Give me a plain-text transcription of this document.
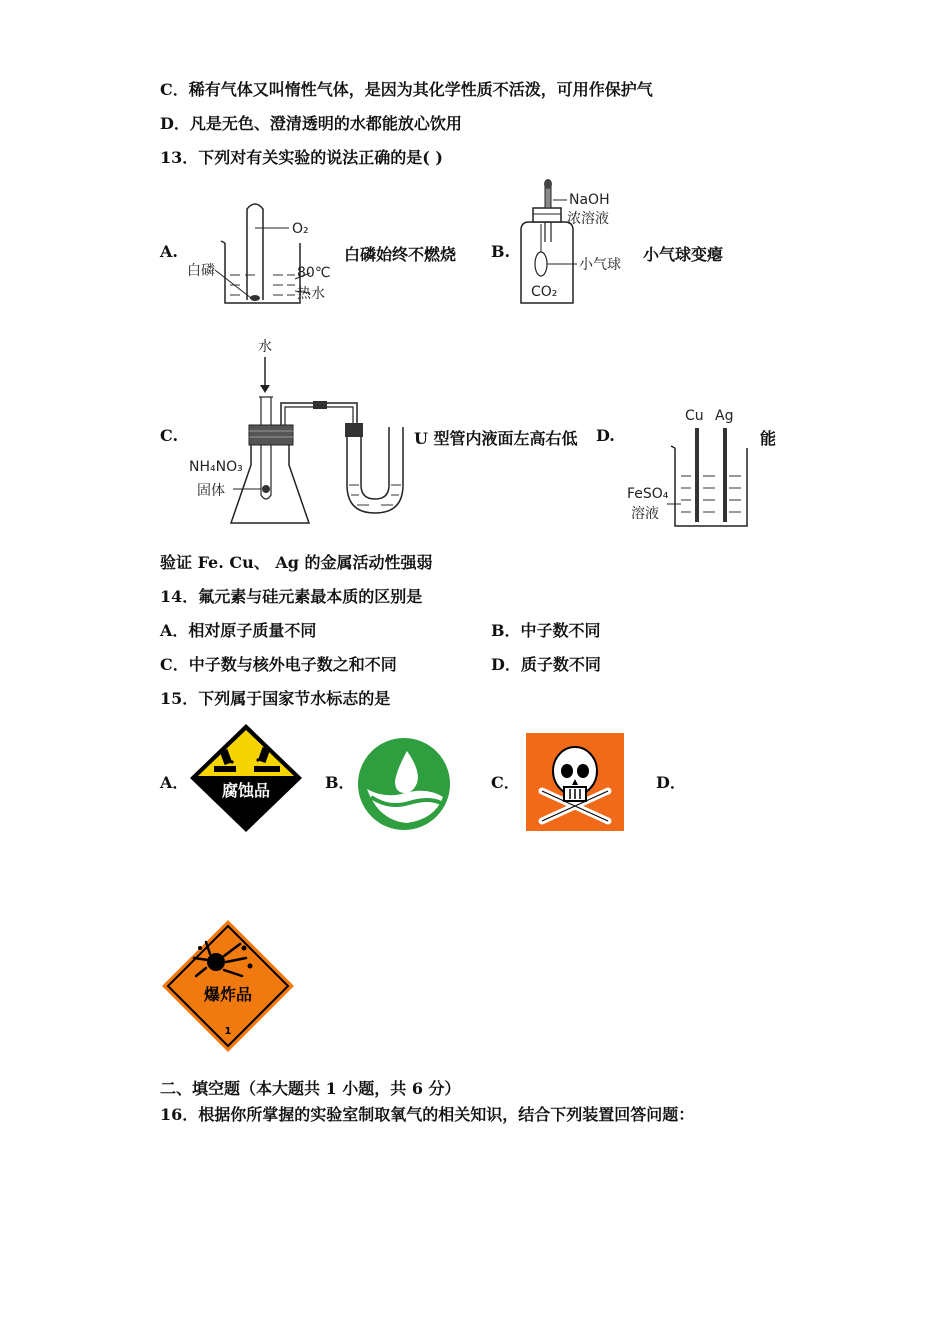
C．稀有气体又叫惰性气体，是因为其化学性质不活泼，可用作保护气
D．凡是无色、澄清透明的水都能放心饮用
13．下列对有关实验的说法正确的是( )
A.
O₂
白磷	80℃
热水
白磷始终不燃烧 B.
NaOH
浓溶液
小气球
CO₂
小气球变瘪
C.
水
NH₄NO₃
固体
U 型管内液面左高右低 D.
Cu Ag
FeSO₄
溶液
能
验证 Fe. Cu、 Ag 的金属活动性强弱
14．氟元素与硅元素最本质的区别是
A．相对原子质量不同	B．中子数不同
C．中子数与核外电子数之和不同	D．质子数不同
15．下列属于国家节水标志的是
A． 腐蚀品	B．	C．	D．
爆炸品
1
二、填空题（本大题共 1 小题，共 6 分）
16．根据你所掌握的实验室制取氧气的相关知识，结合下列装置回答问题：
